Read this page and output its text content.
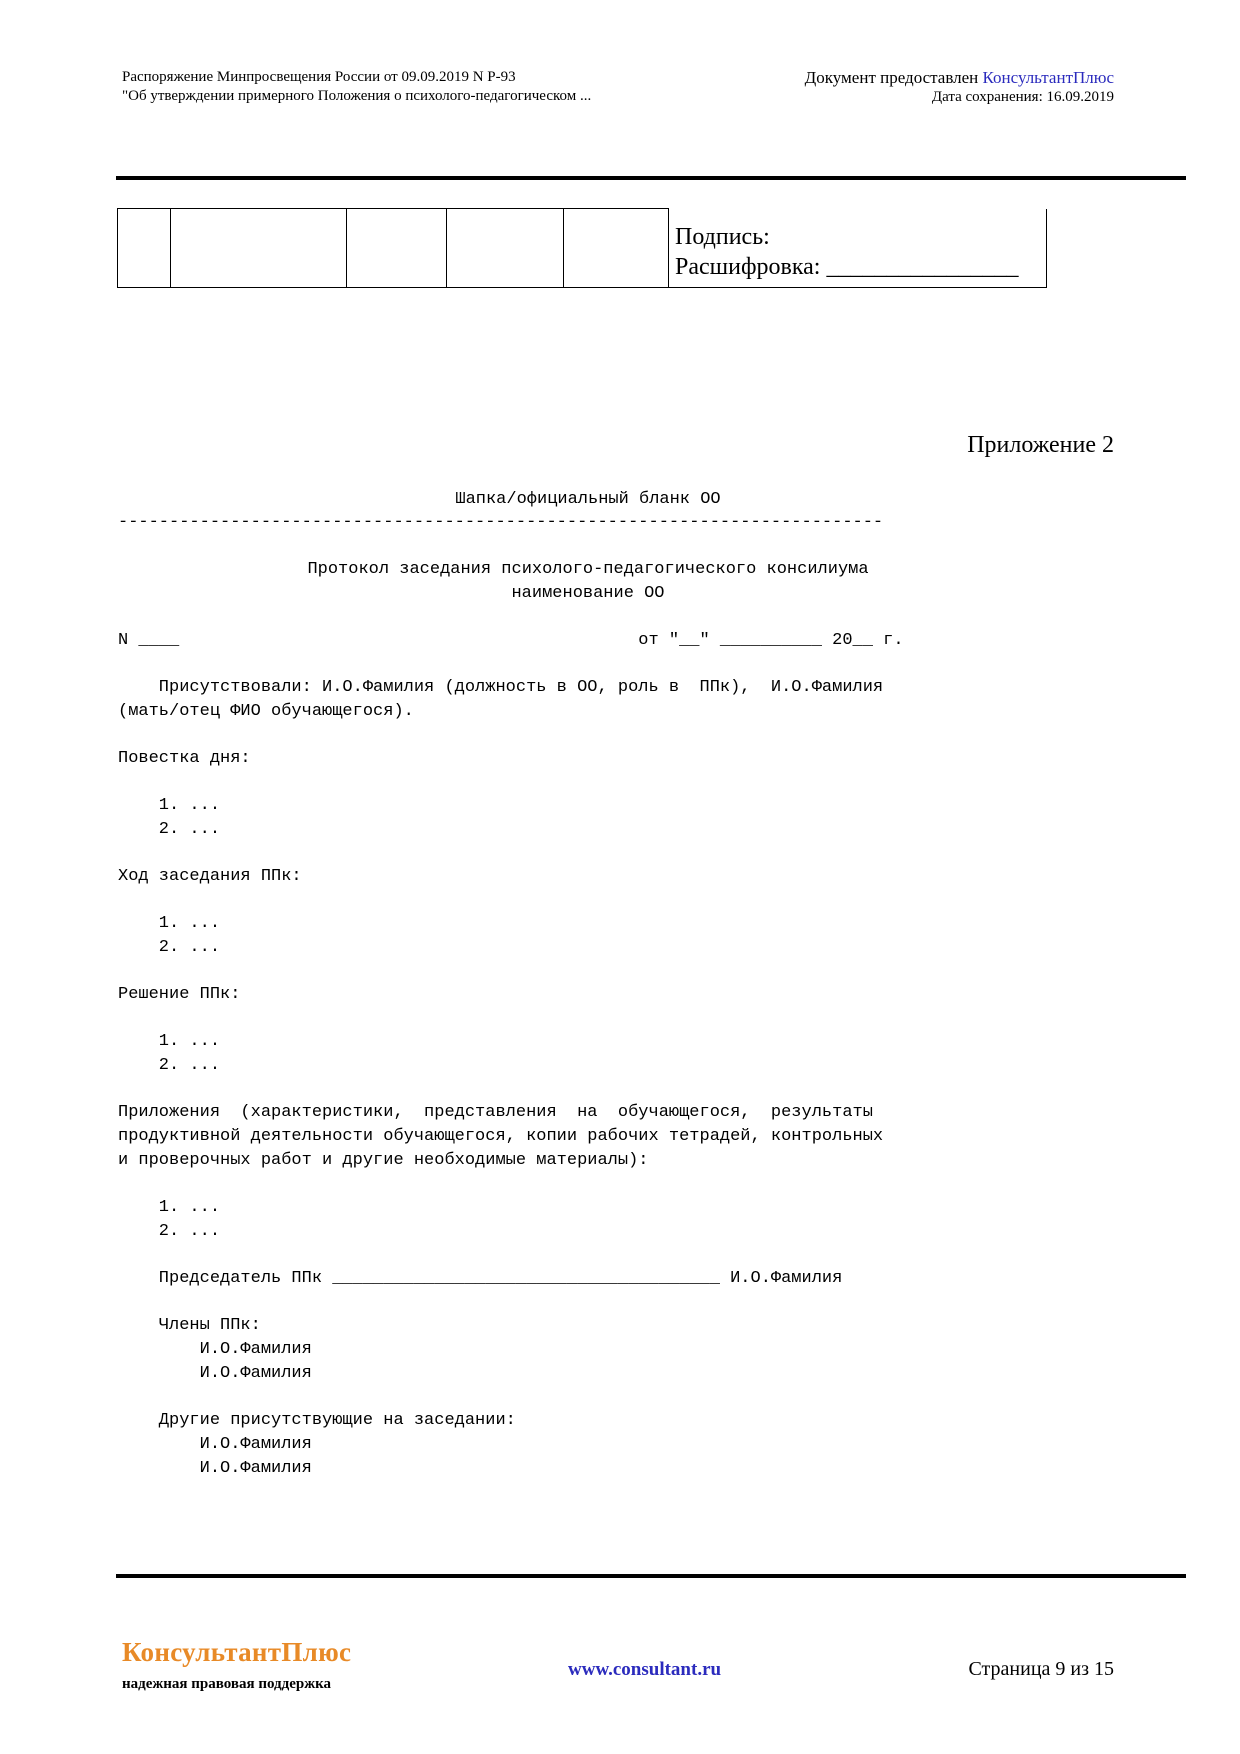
Распоряжение Минпросвещения России от 09.09.2019 N Р-93
"Об утверждении примерного Положения о психолого-педагогическом ...
Документ предоставлен КонсультантПлюс
Дата сохранения: 16.09.2019

Подпись:
Расшифровка: ________________
Приложение 2
Шапка/официальный бланк ОО
---------------------------------------------------------------------------
Протокол заседания психолого-педагогического консилиума
наименование ОО
N ____                                             от "__" __________ 20__ г.
Присутствовали: И.О.Фамилия (должность в ОО, роль в  ППк),  И.О.Фамилия
(мать/отец ФИО обучающегося).
Повестка дня:
1. ...
2. ...
Ход заседания ППк:
1. ...
2. ...
Решение ППк:
1. ...
2. ...
Приложения  (характеристики,  представления  на  обучающегося,  результаты
продуктивной деятельности обучающегося, копии рабочих тетрадей, контрольных
и проверочных работ и другие необходимые материалы):
1. ...
2. ...
Председатель ППк ______________________________________ И.О.Фамилия
Члены ППк:
И.О.Фамилия
И.О.Фамилия
Другие присутствующие на заседании:
И.О.Фамилия
И.О.Фамилия
КонсультантПлюс
надежная правовая поддержка
www.consultant.ru	Страница 9 из 15
